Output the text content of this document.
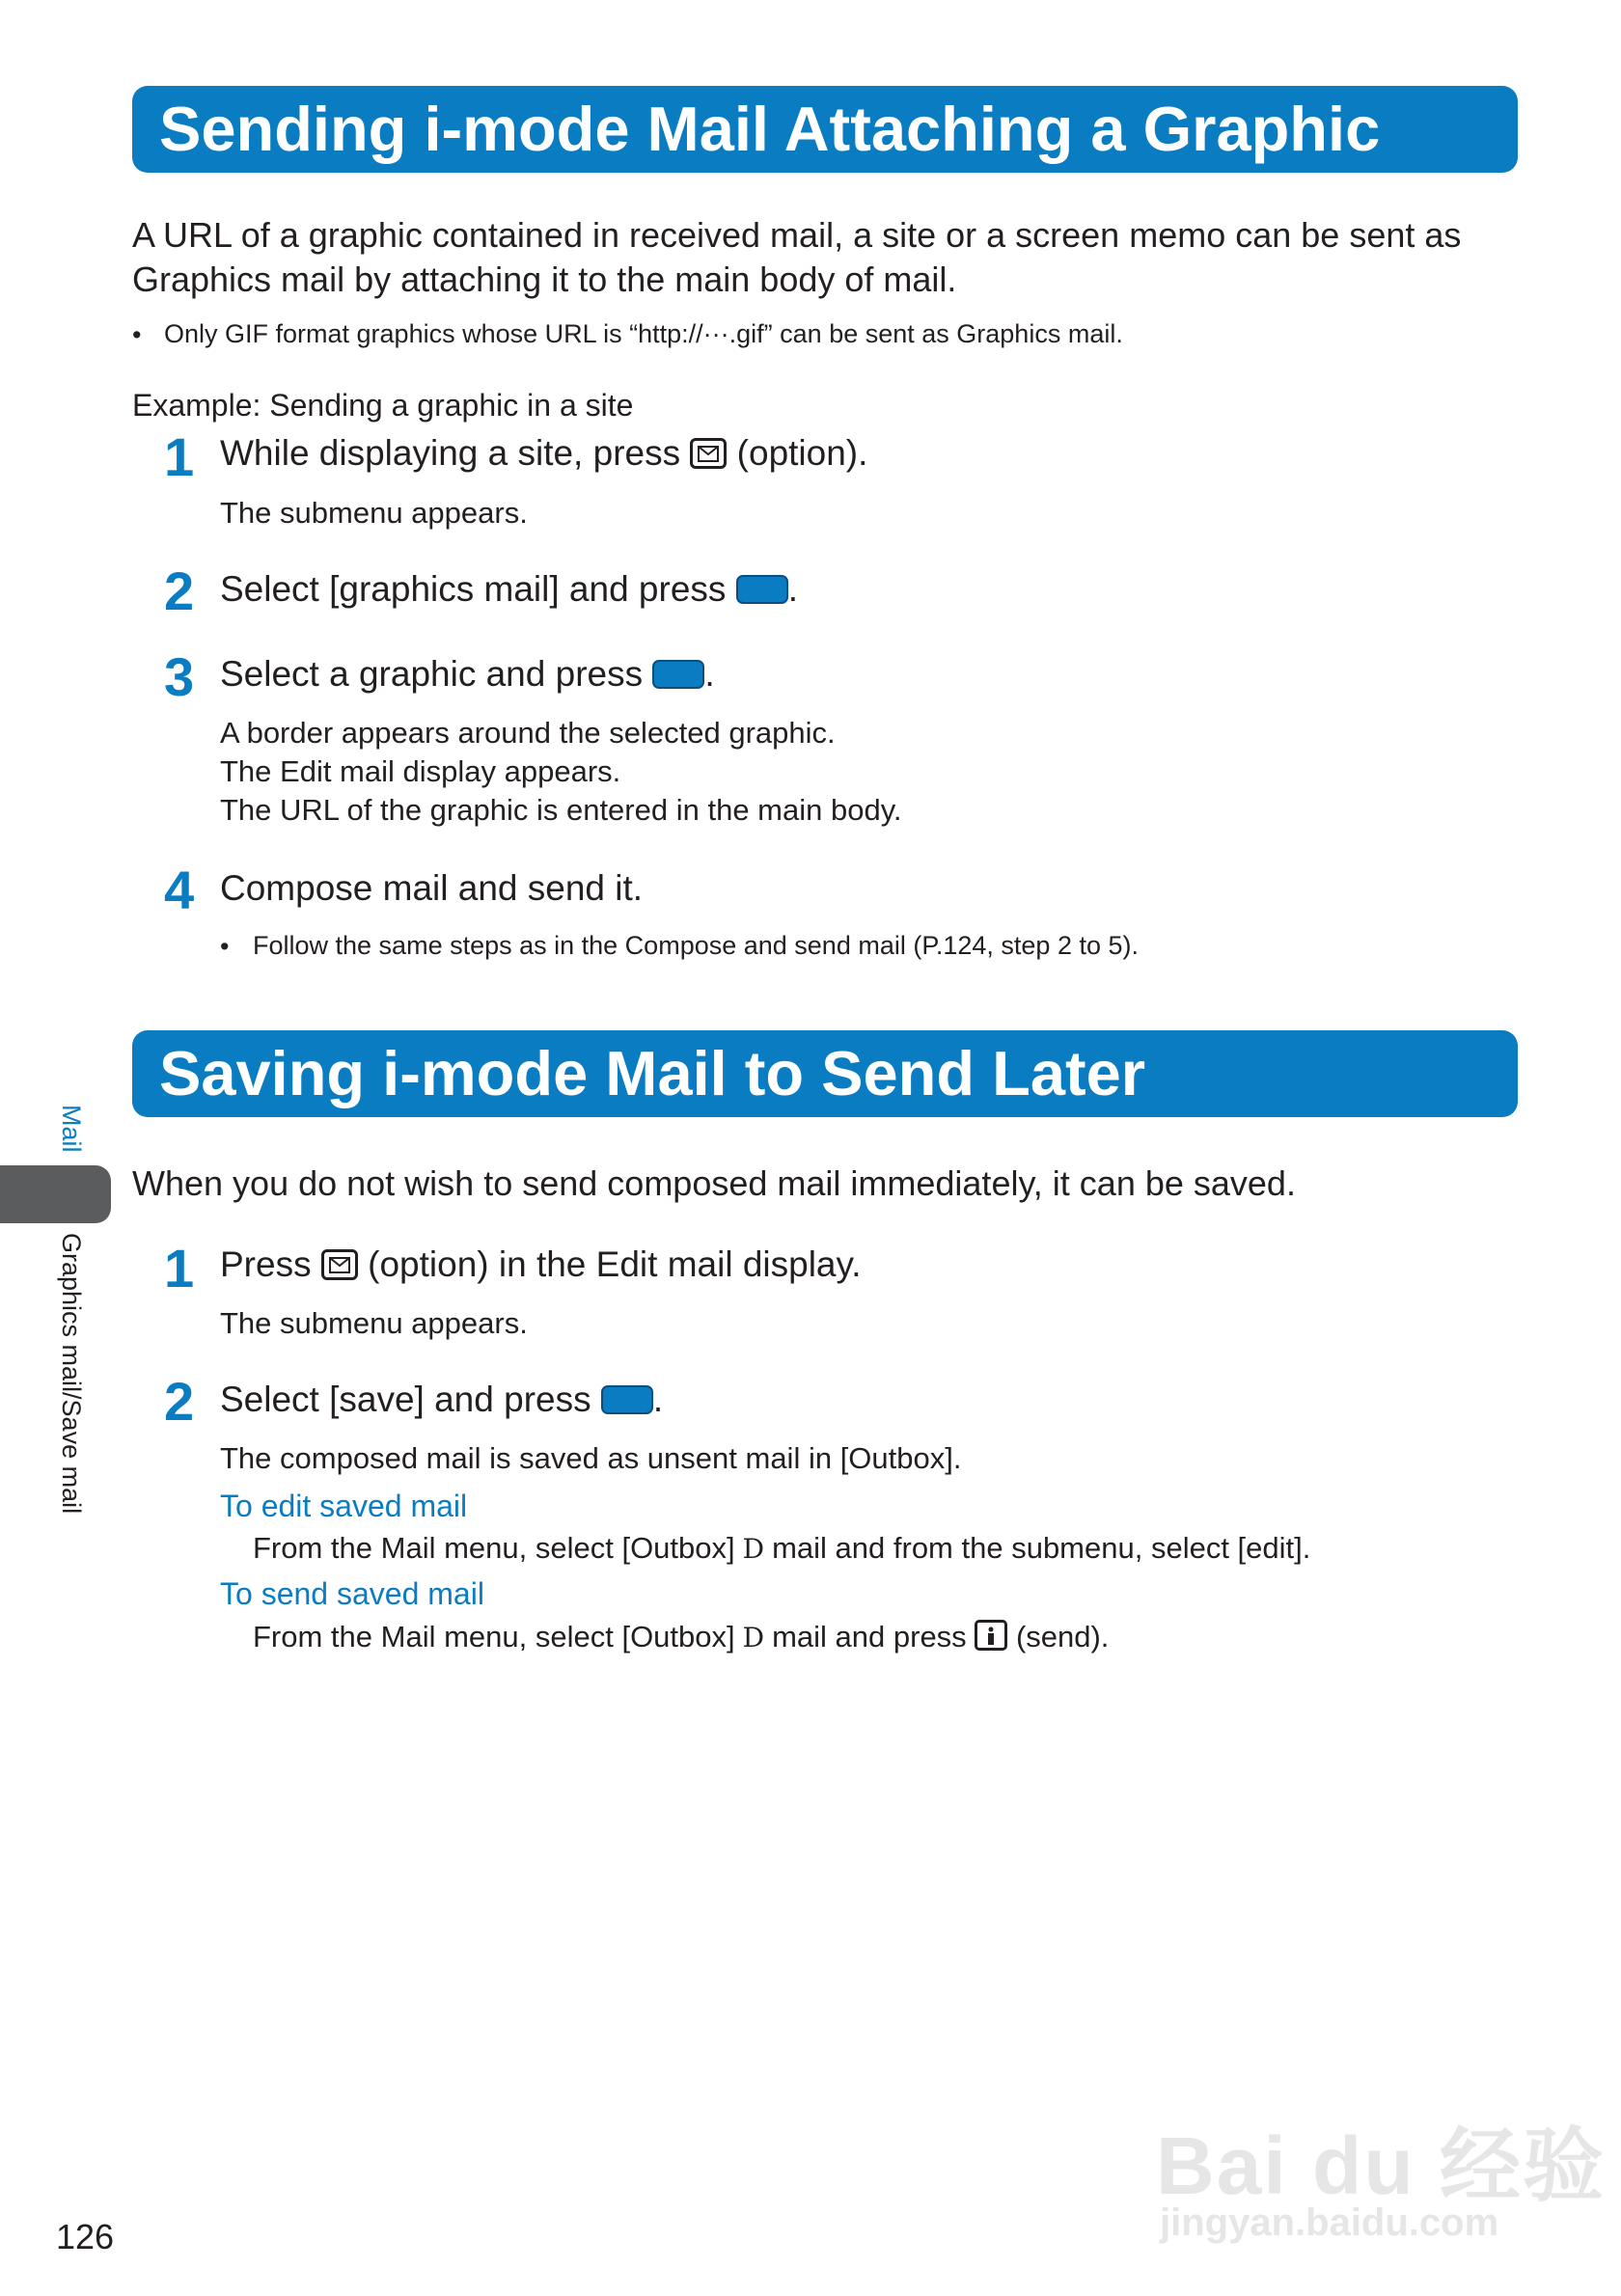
Sending i-mode Mail Attaching a Graphic
A URL of a graphic contained in received mail, a site or a screen memo can be sent as Graphics mail by attaching it to the main body of mail.
• Only GIF format graphics whose URL is “http://···.gif” can be sent as Graphics mail.
Example: Sending a graphic in a site
1 While displaying a site, press (option).
The submenu appears.
2 Select [graphics mail] and press .
3 Select a graphic and press .
A border appears around the selected graphic.
The Edit mail display appears.
The URL of the graphic is entered in the main body.
4 Compose mail and send it.
• Follow the same steps as in the Compose and send mail (P.124, step 2 to 5).
Saving i-mode Mail to Send Later
When you do not wish to send composed mail immediately, it can be saved.
1 Press (option) in the Edit mail display.
The submenu appears.
2 Select [save] and press .
The composed mail is saved as unsent mail in [Outbox].
To edit saved mail
From the Mail menu, select [Outbox] D mail and from the submenu, select [edit].
To send saved mail
From the Mail menu, select [Outbox] D mail and press (send).
Mail
Graphics mail/Save mail
126
Bai du 经验
jingyan.baidu.com
